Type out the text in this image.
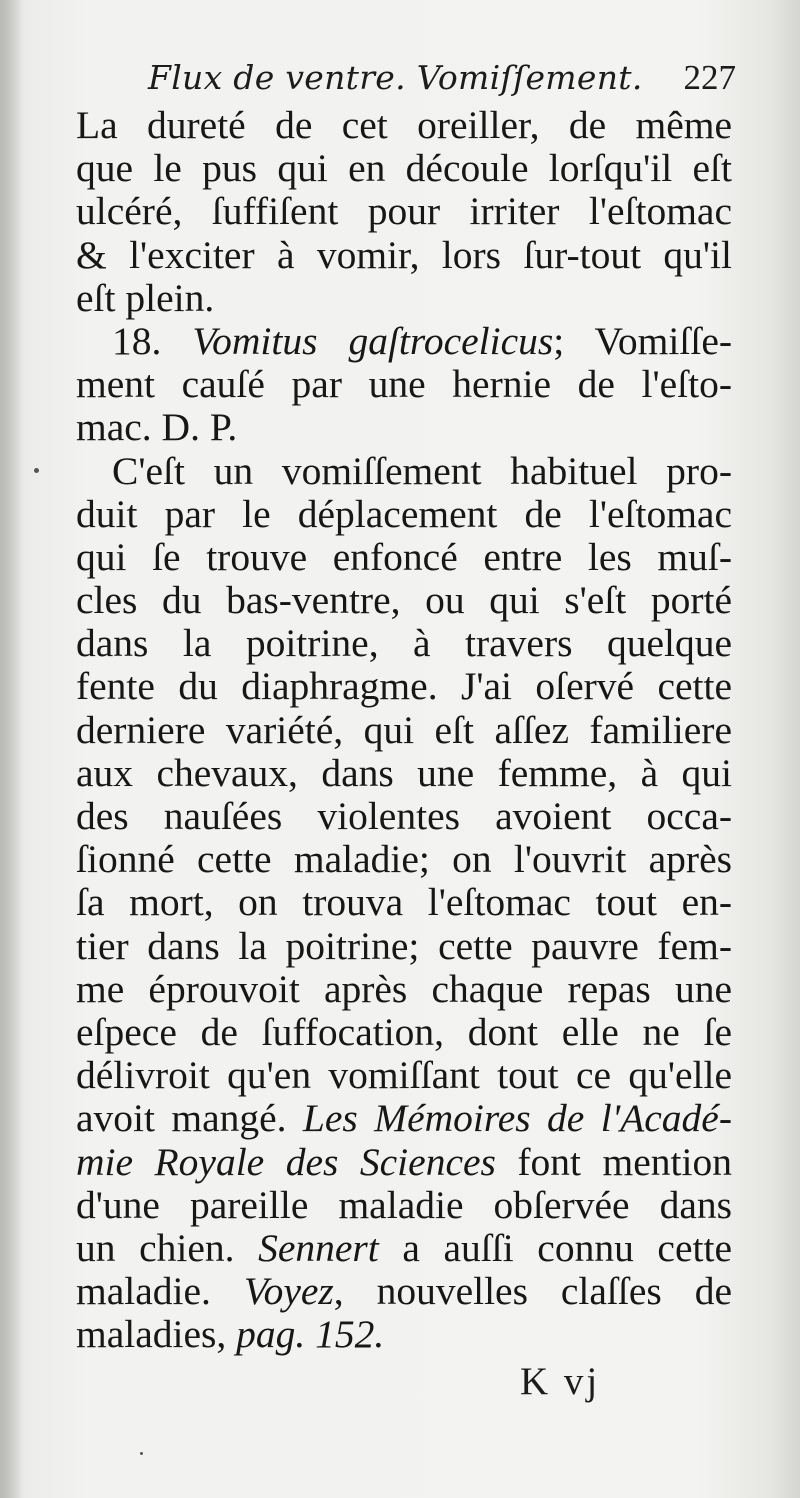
Flux de ventre. Vomiſſement. 227
La dureté de cet oreiller, de même
que le pus qui en découle lorſqu'il eſt
ulcéré, ſuffiſent pour irriter l'eſtomac
& l'exciter à vomir, lors ſur-tout qu'il
eſt plein.
18. Vomitus gaſtrocelicus; Vomiſſe-
ment cauſé par une hernie de l'eſto-
mac. D. P.
C'eſt un vomiſſement habituel pro-
duit par le déplacement de l'eſtomac
qui ſe trouve enfoncé entre les muſ-
cles du bas-ventre, ou qui s'eſt porté
dans la poitrine, à travers quelque
fente du diaphragme. J'ai oſervé cette
derniere variété, qui eſt aſſez familiere
aux chevaux, dans une femme, à qui
des nauſées violentes avoient occa-
ſionné cette maladie; on l'ouvrit après
ſa mort, on trouva l'eſtomac tout en-
tier dans la poitrine; cette pauvre fem-
me éprouvoit après chaque repas une
eſpece de ſuffocation, dont elle ne ſe
délivroit qu'en vomiſſant tout ce qu'elle
avoit mangé. Les Mémoires de l'Acadé-
mie Royale des Sciences font mention
d'une pareille maladie obſervée dans
un chien. Sennert a auſſi connu cette
maladie. Voyez, nouvelles claſſes de
maladies, pag. 152.
K vj
